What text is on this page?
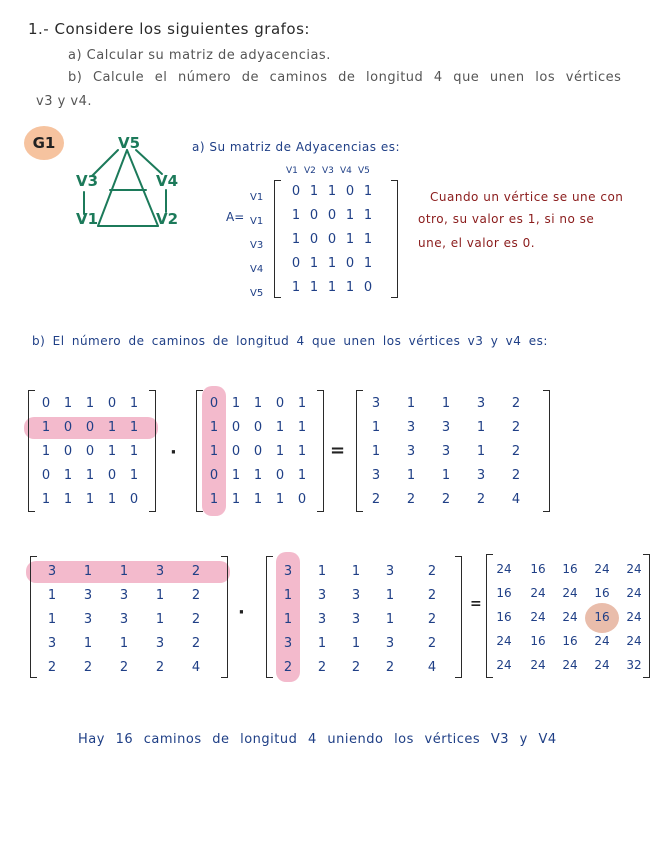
1.- Considere los siguientes grafos:
a) Calcular su matriz de adyacencias.
b) Calcule el número de caminos de longitud 4 que unen los vértices
v3 y v4.
G1	V5
V3	V4
V1	V2
a) Su matriz de Adyacencias es:
A=
V1 V2 V3 V4 V5
V1
V1
V3
V4
V5
0 1 1 0 1
1 0 0 1 1
1 0 0 1 1
0 1 1 0 1
1 1 1 1 0
Cuando un vértice se une con
otro, su valor es 1, si no se
une, el valor es 0.
b) El número de caminos de longitud 4 que unen los vértices v3 y v4 es:
0	1	1	0	1
1	0	0	1	1
1	0	0	1	1
0	1	1	0	1
1	1	1	1	0
·
0	1	1	0	1
1	0	0	1	1
1	0	0	1	1
0	1	1	0	1
1	1	1	1	0
=
3	1	1	3	2
1	3	3	1	2
1	3	3	1	2
3	1	1	3	2
2	2	2	2	4
3	1	1	3	2
1	3	3	1	2
1	3	3	1	2
3	1	1	3	2
2	2	2	2	4
·
3	1	1	3	2
1	3	3	1	2
1	3	3	1	2
3	1	1	3	2
2	2	2	2	4
=
24	16	16	24	24
16	24	24	16	24
16	24	24	16	24
24	16	16	24	24
24	24	24	24	32
Hay 16 caminos de longitud 4 uniendo los vértices V3 y V4
